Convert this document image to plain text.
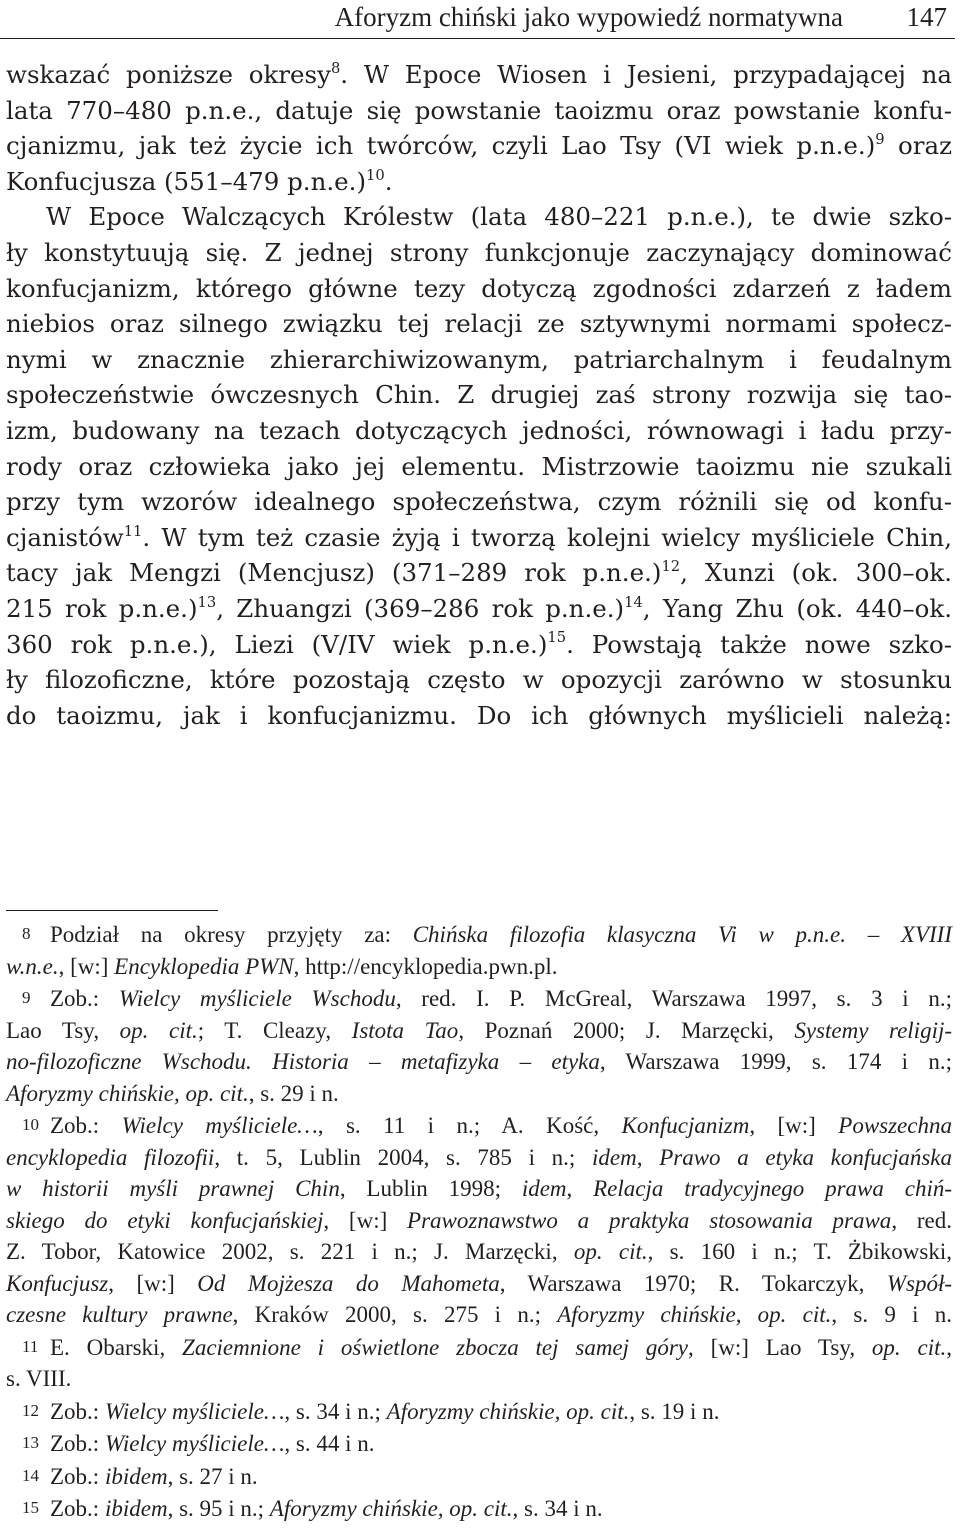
Aforyzm chiński jako wypowiedź normatywna 147
wskazać poniższe okresy$^8$. W Epoce Wiosen i Jesieni, przypadającej na
lata 770–480 p.n.e., datuje się powstanie taoizmu oraz powstanie konfu-
cjanizmu, jak też życie ich twórców, czyli Lao Tsy (VI wiek p.n.e.)$^9$ oraz
Konfucjusza (551–479 p.n.e.)$^{10}$.
W Epoce Walczących Królestw (lata 480–221 p.n.e.), te dwie szko-
ły konstytuują się. Z jednej strony funkcjonuje zaczynający dominować
konfucjanizm, którego główne tezy dotyczą zgodności zdarzeń z ładem
niebios oraz silnego związku tej relacji ze sztywnymi normami społecz-
nymi w znacznie zhierarchiwizowanym, patriarchalnym i feudalnym
społeczeństwie ówczesnych Chin. Z drugiej zaś strony rozwija się tao-
izm, budowany na tezach dotyczących jedności, równowagi i ładu przy-
rody oraz człowieka jako jej elementu. Mistrzowie taoizmu nie szukali
przy tym wzorów idealnego społeczeństwa, czym różnili się od konfu-
cjanistów$^{11}$. W tym też czasie żyją i tworzą kolejni wielcy myśliciele Chin,
tacy jak Mengzi (Mencjusz) (371–289 rok p.n.e.)$^{12}$, Xunzi (ok. 300–ok.
215 rok p.n.e.)$^{13}$, Zhuangzi (369–286 rok p.n.e.)$^{14}$, Yang Zhu (ok. 440–ok.
360 rok p.n.e.), Liezi (V/IV wiek p.n.e.)$^{15}$. Powstają także nowe szko-
ły filozoficzne, które pozostają często w opozycji zarówno w stosunku
do taoizmu, jak i konfucjanizmu. Do ich głównych myślicieli należą:
8 Podział na okresy przyjęty za: Chińska filozofia klasyczna Vi w p.n.e. – XVIII
w.n.e., [w:] Encyklopedia PWN, http://encyklopedia.pwn.pl.
9 Zob.: Wielcy myśliciele Wschodu, red. I. P. McGreal, Warszawa 1997, s. 3 i n.;
Lao Tsy, op. cit.; T. Cleazy, Istota Tao, Poznań 2000; J. Marzęcki, Systemy religij-
no-filozoficzne Wschodu. Historia – metafizyka – etyka, Warszawa 1999, s. 174 i n.;
Aforyzmy chińskie, op. cit., s. 29 i n.
10 Zob.: Wielcy myśliciele…, s. 11 i n.; A. Kość, Konfucjanizm, [w:] Powszechna
encyklopedia filozofii, t. 5, Lublin 2004, s. 785 i n.; idem, Prawo a etyka konfucjańska
w historii myśli prawnej Chin, Lublin 1998; idem, Relacja tradycyjnego prawa chiń-
skiego do etyki konfucjańskiej, [w:] Prawoznawstwo a praktyka stosowania prawa, red.
Z. Tobor, Katowice 2002, s. 221 i n.; J. Marzęcki, op. cit., s. 160 i n.; T. Żbikowski,
Konfucjusz, [w:] Od Mojżesza do Mahometa, Warszawa 1970; R. Tokarczyk, Współ-
czesne kultury prawne, Kraków 2000, s. 275 i n.; Aforyzmy chińskie, op. cit., s. 9 i n.
11 E. Obarski, Zaciemnione i oświetlone zbocza tej samej góry, [w:] Lao Tsy, op. cit.,
s. VIII.
12 Zob.: Wielcy myśliciele…, s. 34 i n.; Aforyzmy chińskie, op. cit., s. 19 i n.
13 Zob.: Wielcy myśliciele…, s. 44 i n.
14 Zob.: ibidem, s. 27 i n.
15 Zob.: ibidem, s. 95 i n.; Aforyzmy chińskie, op. cit., s. 34 i n.
